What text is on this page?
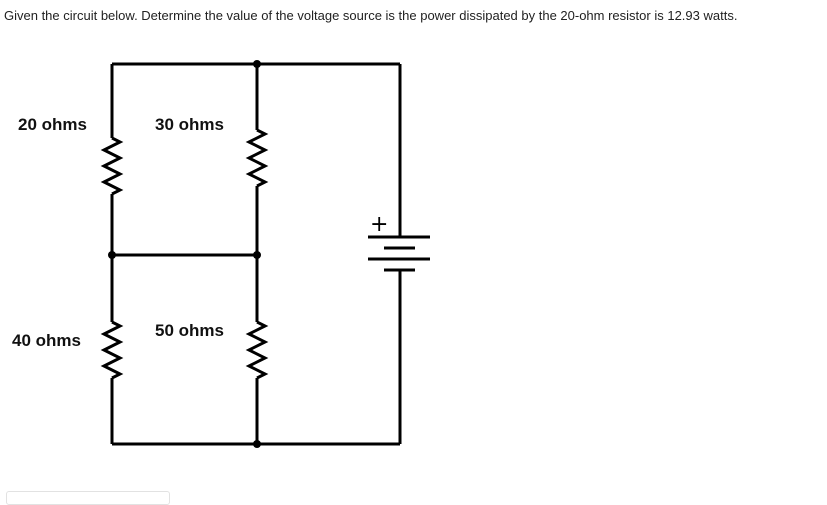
Given the circuit below. Determine the value of the voltage source is the power dissipated by the 20-ohm resistor is 12.93 watts.

+
20 ohms	30 ohms
40 ohms
50 ohms
